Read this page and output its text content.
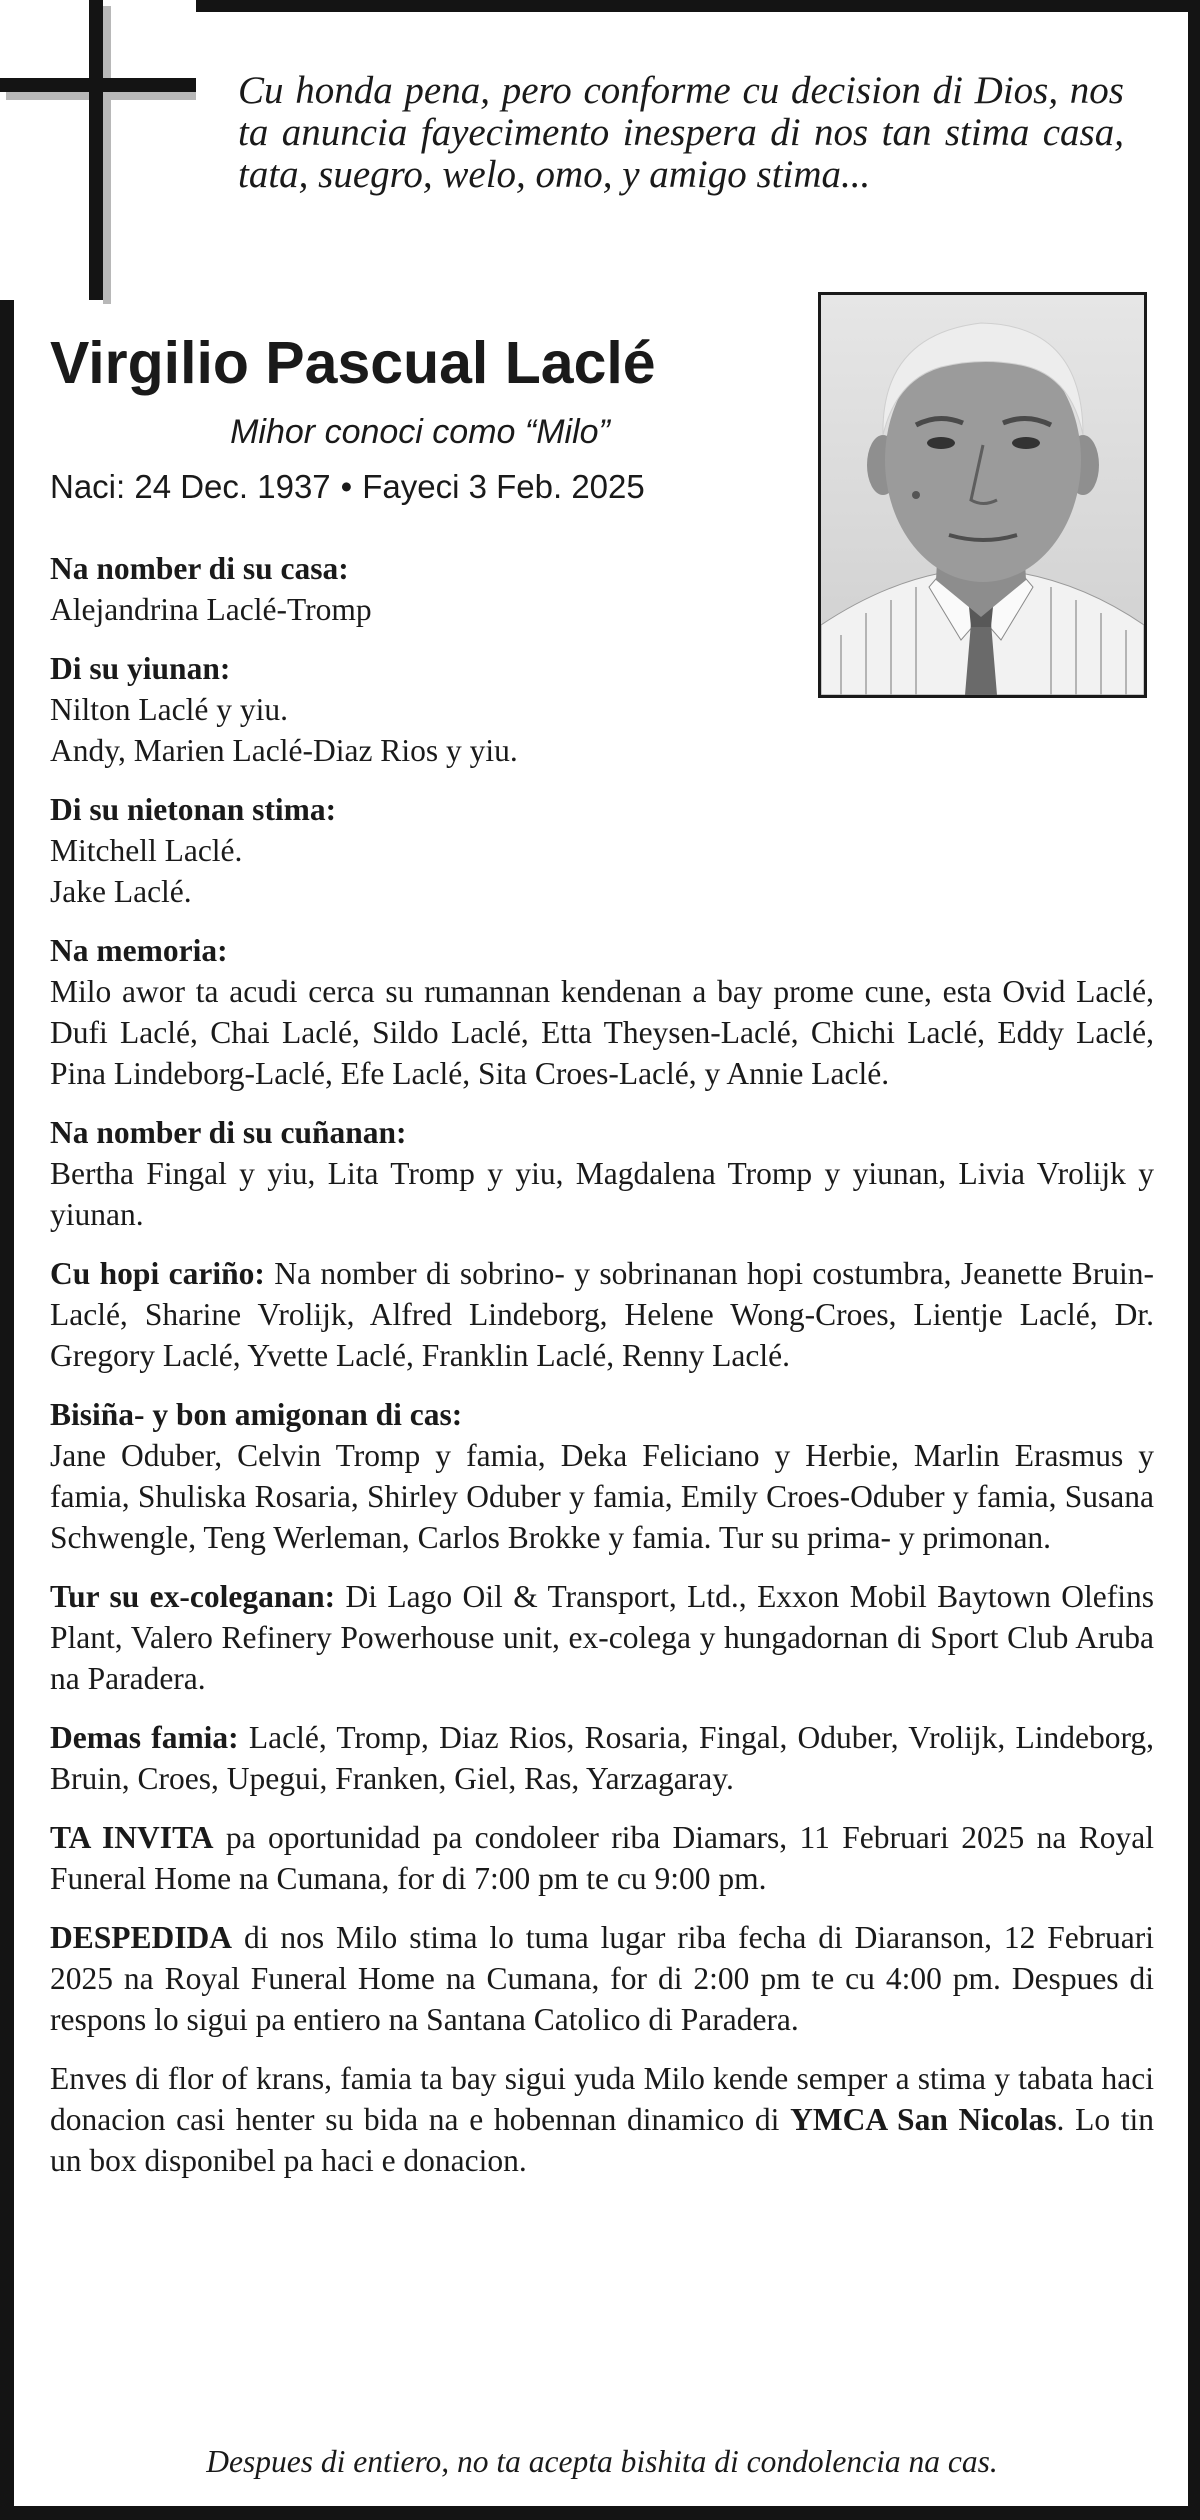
Cu honda pena, pero conforme cu decision di Dios, nos ta anuncia fayecimento inespera di nos tan stima casa, tata, suegro, welo, omo, y amigo stima...
Virgilio Pascual Laclé
Mihor conoci como “Milo”
Naci: 24 Dec. 1937 • Fayeci 3 Feb. 2025
Na nomber di su casa:
Alejandrina Laclé-Tromp
Di su yiunan:
Nilton Laclé y yiu.
Andy, Marien Laclé-Diaz Rios y yiu.
Di su nietonan stima:
Mitchell Laclé.
Jake Laclé.
Na memoria:
Milo awor ta acudi cerca su rumannan kendenan a bay prome cune, esta Ovid Laclé, Dufi Laclé, Chai Laclé, Sildo Laclé, Etta Theysen-Laclé, Chichi Laclé, Eddy Laclé, Pina Lindeborg-Laclé, Efe Laclé, Sita Croes-Laclé, y Annie Laclé.
Na nomber di su cuñanan:
Bertha Fingal y yiu, Lita Tromp y yiu, Magdalena Tromp y yiunan, Livia Vrolijk y yiunan.
Cu hopi cariño: Na nomber di sobrino- y sobrinanan hopi costumbra, Jeanette Bruin-Laclé, Sharine Vrolijk, Alfred Lindeborg, Helene Wong-Croes, Lientje Laclé, Dr. Gregory Laclé, Yvette Laclé, Franklin Laclé, Renny Laclé.
Bisiña- y bon amigonan di cas:
Jane Oduber, Celvin Tromp y famia, Deka Feliciano y Herbie, Marlin Erasmus y famia, Shuliska Rosaria, Shirley Oduber y famia, Emily Croes-Oduber y famia, Susana Schwengle, Teng Werleman, Carlos Brokke y famia. Tur su prima- y primonan.
Tur su ex-coleganan: Di Lago Oil & Transport, Ltd., Exxon Mobil Baytown Olefins Plant, Valero Refinery Powerhouse unit, ex-colega y hungadornan di Sport Club Aruba na Paradera.
Demas famia: Laclé, Tromp, Diaz Rios, Rosaria, Fingal, Oduber, Vrolijk, Lindeborg, Bruin, Croes, Upegui, Franken, Giel, Ras, Yarzagaray.
TA INVITA pa oportunidad pa condoleer riba Diamars, 11 Februari 2025 na Royal Funeral Home na Cumana, for di 7:00 pm te cu 9:00 pm.
DESPEDIDA di nos Milo stima lo tuma lugar riba fecha di Diaranson, 12 Februari 2025 na Royal Funeral Home na Cumana, for di 2:00 pm te cu 4:00 pm. Despues di respons lo sigui pa entiero na Santana Catolico di Paradera.
Enves di flor of krans, famia ta bay sigui yuda Milo kende semper a stima y tabata haci donacion casi henter su bida na e hobennan dinamico di YMCA San Nicolas. Lo tin un box disponibel pa haci e donacion.
Despues di entiero, no ta acepta bishita di condolencia na cas.
